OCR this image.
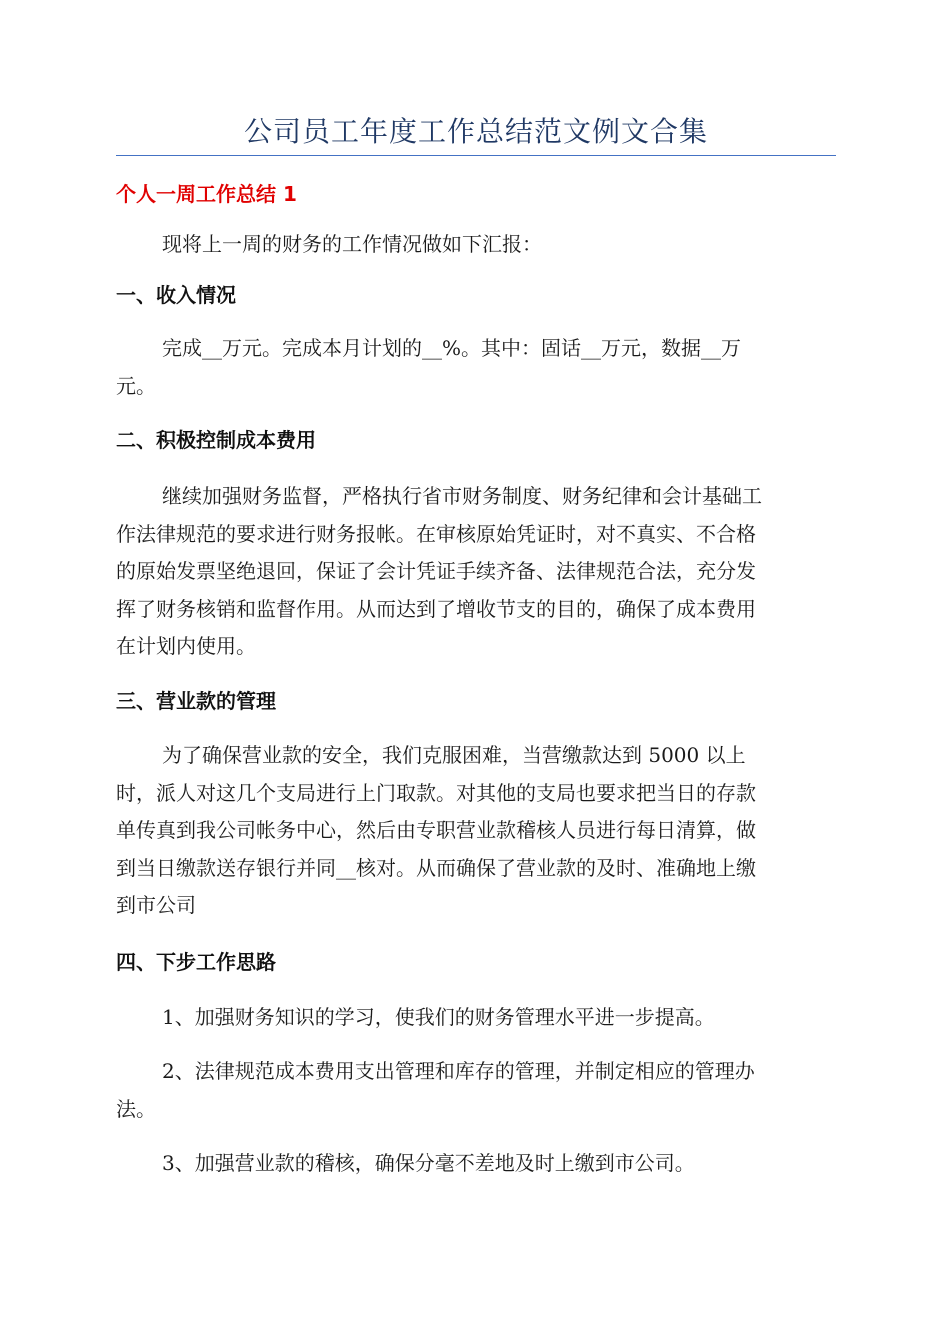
公司员工年度工作总结范文例文合集
个人一周工作总结 1
现将上一周的财务的工作情况做如下汇报：
一、收入情况
完成__万元。完成本月计划的__%。其中：固话__万元，数据__万
元。
二、积极控制成本费用
继续加强财务监督，严格执行省市财务制度、财务纪律和会计基础工
作法律规范的要求进行财务报帐。在审核原始凭证时，对不真实、不合格
的原始发票坚绝退回，保证了会计凭证手续齐备、法律规范合法，充分发
挥了财务核销和监督作用。从而达到了增收节支的目的，确保了成本费用
在计划内使用。
三、营业款的管理
为了确保营业款的安全，我们克服困难，当营缴款达到 5000 以上
时，派人对这几个支局进行上门取款。对其他的支局也要求把当日的存款
单传真到我公司帐务中心，然后由专职营业款稽核人员进行每日清算，做
到当日缴款送存银行并同__核对。从而确保了营业款的及时、准确地上缴
到市公司
四、下步工作思路
1、加强财务知识的学习，使我们的财务管理水平进一步提高。
2、法律规范成本费用支出管理和库存的管理，并制定相应的管理办
法。
3、加强营业款的稽核，确保分毫不差地及时上缴到市公司。
